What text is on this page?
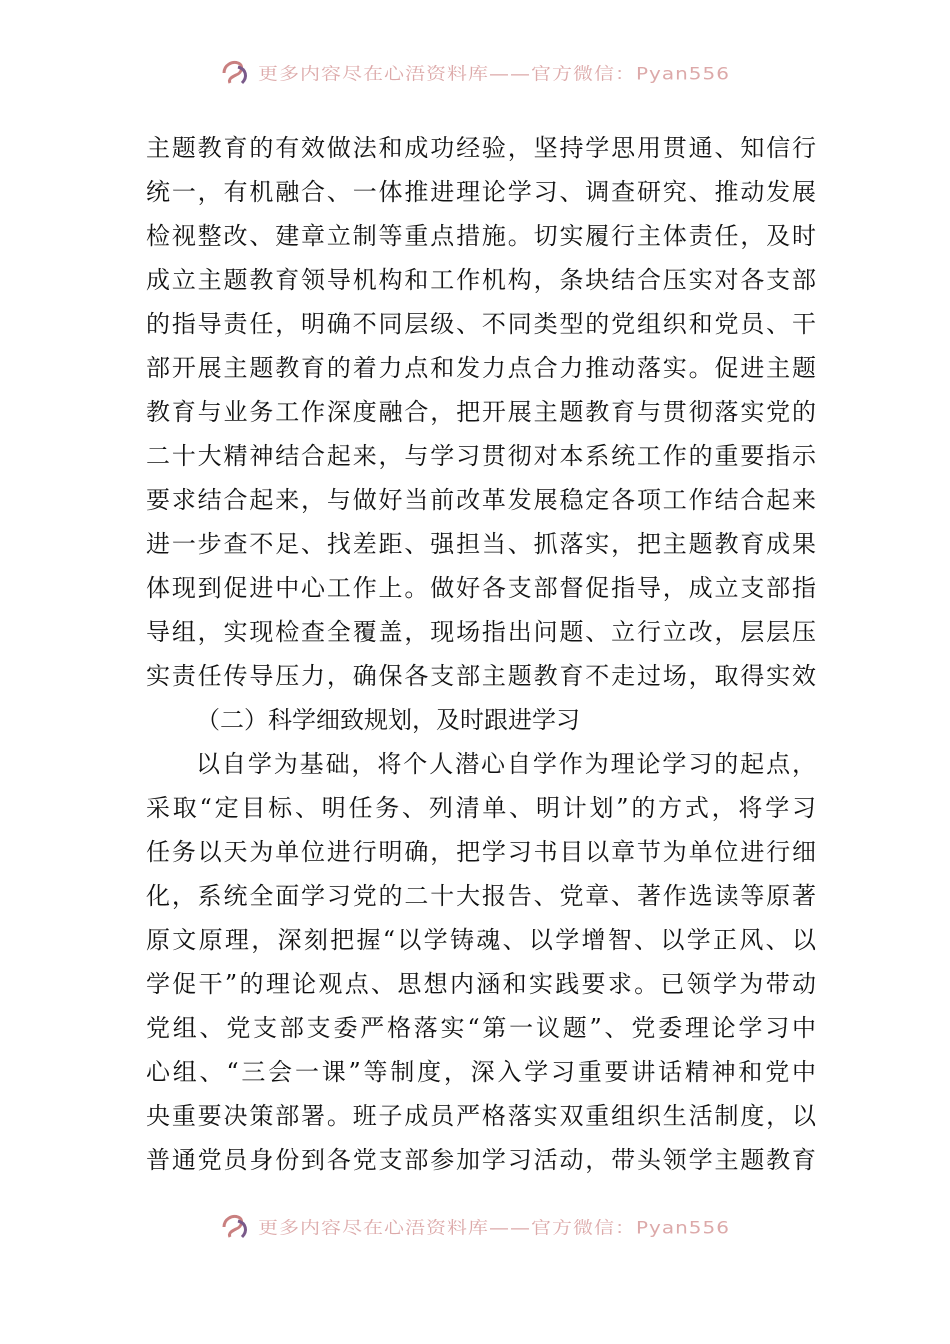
更多内容尽在心浯资料库——官方微信：Pyan556
主题教育的有效做法和成功经验，坚持学思用贯通、知信行
统一，有机融合、一体推进理论学习、调查研究、推动发展
检视整改、建章立制等重点措施。切实履行主体责任，及时
成立主题教育领导机构和工作机构，条块结合压实对各支部
的指导责任，明确不同层级、不同类型的党组织和党员、干
部开展主题教育的着力点和发力点合力推动落实。促进主题
教育与业务工作深度融合，把开展主题教育与贯彻落实党的
二十大精神结合起来，与学习贯彻对本系统工作的重要指示
要求结合起来，与做好当前改革发展稳定各项工作结合起来
进一步查不足、找差距、强担当、抓落实，把主题教育成果
体现到促进中心工作上。做好各支部督促指导，成立支部指
导组，实现检查全覆盖，现场指出问题、立行立改，层层压
实责任传导压力，确保各支部主题教育不走过场，取得实效
（二）科学细致规划，及时跟进学习
以自学为基础，将个人潜心自学作为理论学习的起点，
采取“定目标、明任务、列清单、明计划”的方式，将学习
任务以天为单位进行明确，把学习书目以章节为单位进行细
化，系统全面学习党的二十大报告、党章、著作选读等原著
原文原理，深刻把握“以学铸魂、以学增智、以学正风、以
学促干”的理论观点、思想内涵和实践要求。已领学为带动
党组、党支部支委严格落实“第一议题”、党委理论学习中
心组、“三会一课”等制度，深入学习重要讲话精神和党中
央重要决策部署。班子成员严格落实双重组织生活制度，以
普通党员身份到各党支部参加学习活动，带头领学主题教育
更多内容尽在心浯资料库——官方微信：Pyan556
